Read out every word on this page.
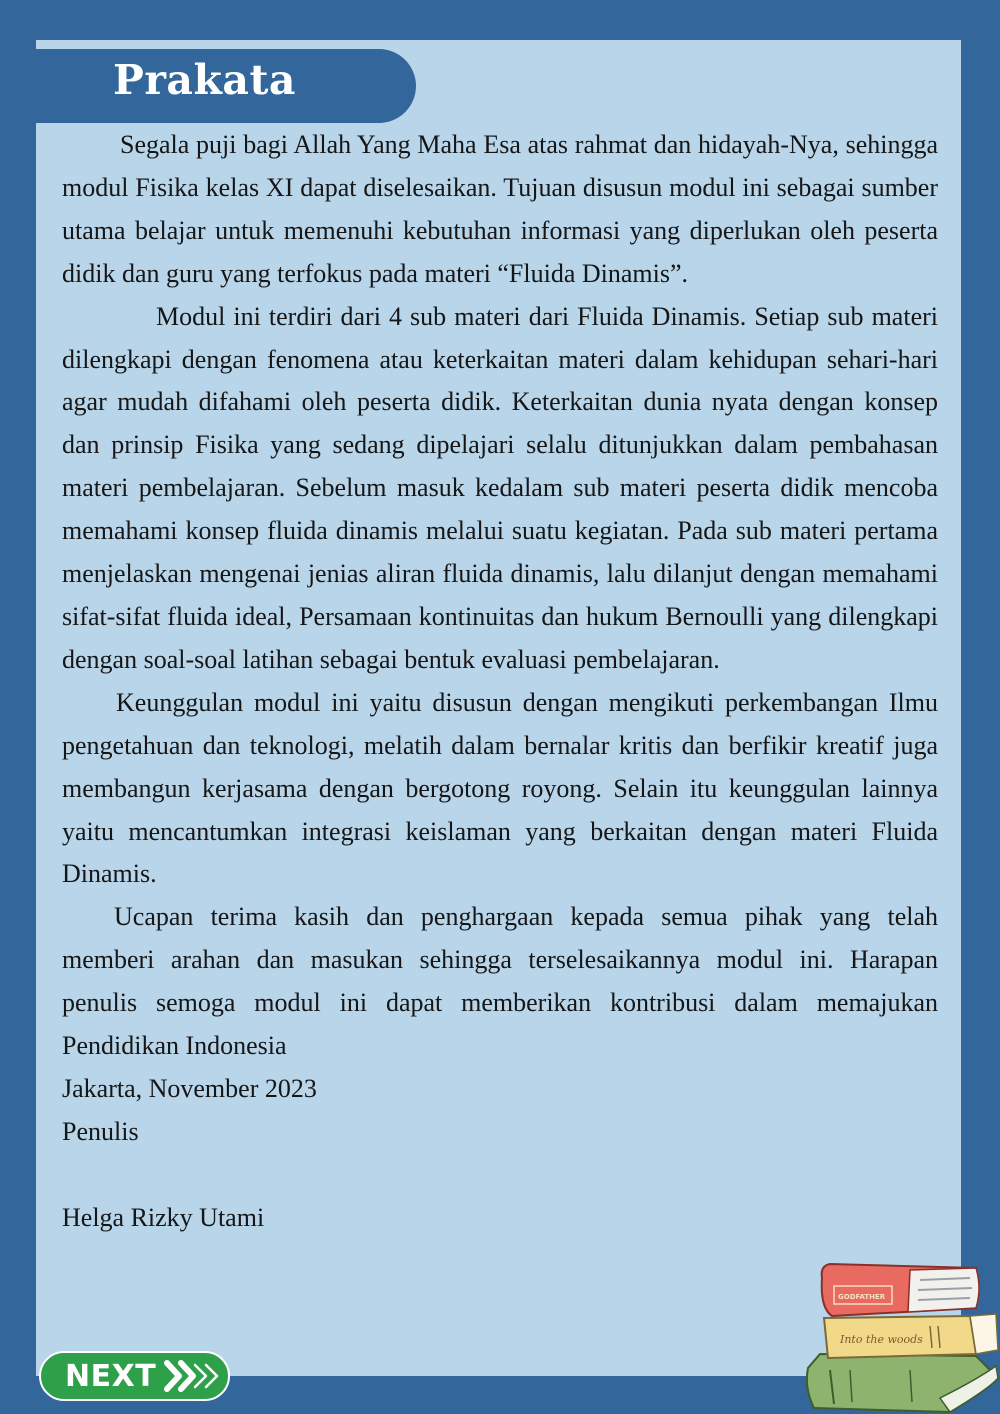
Prakata

Segala puji bagi Allah Yang Maha Esa atas rahmat dan hidayah-Nya, sehingga modul Fisika kelas XI dapat diselesaikan. Tujuan disusun modul ini sebagai sumber utama belajar untuk memenuhi kebutuhan informasi yang diperlukan oleh peserta didik dan guru yang terfokus pada materi “Fluida Dinamis”.

Modul ini terdiri dari 4 sub materi dari Fluida Dinamis. Setiap sub materi dilengkapi dengan fenomena atau keterkaitan materi dalam kehidupan sehari-hari agar mudah difahami oleh peserta didik. Keterkaitan dunia nyata dengan konsep dan prinsip Fisika yang sedang dipelajari selalu ditunjukkan dalam pembahasan materi pembelajaran. Sebelum masuk kedalam sub materi peserta didik mencoba memahami konsep fluida dinamis melalui suatu kegiatan. Pada sub materi pertama menjelaskan mengenai jenias aliran fluida dinamis, lalu dilanjut dengan memahami sifat-sifat fluida ideal, Persamaan kontinuitas dan hukum Bernoulli yang dilengkapi dengan soal-soal latihan sebagai bentuk evaluasi pembelajaran.

Keunggulan modul ini yaitu disusun dengan mengikuti perkembangan Ilmu pengetahuan dan teknologi, melatih dalam bernalar kritis dan berfikir kreatif juga membangun kerjasama dengan bergotong royong. Selain itu keunggulan lainnya yaitu mencantumkan integrasi keislaman yang berkaitan dengan materi Fluida Dinamis.

Ucapan terima kasih dan penghargaan kepada semua pihak yang telah memberi arahan dan masukan sehingga terselesaikannya modul ini. Harapan penulis semoga modul ini dapat memberikan kontribusi dalam memajukan Pendidikan Indonesia

Jakarta, November 2023

Penulis

Helga Rizky Utami

NEXT
Into the woods
GODFATHER
